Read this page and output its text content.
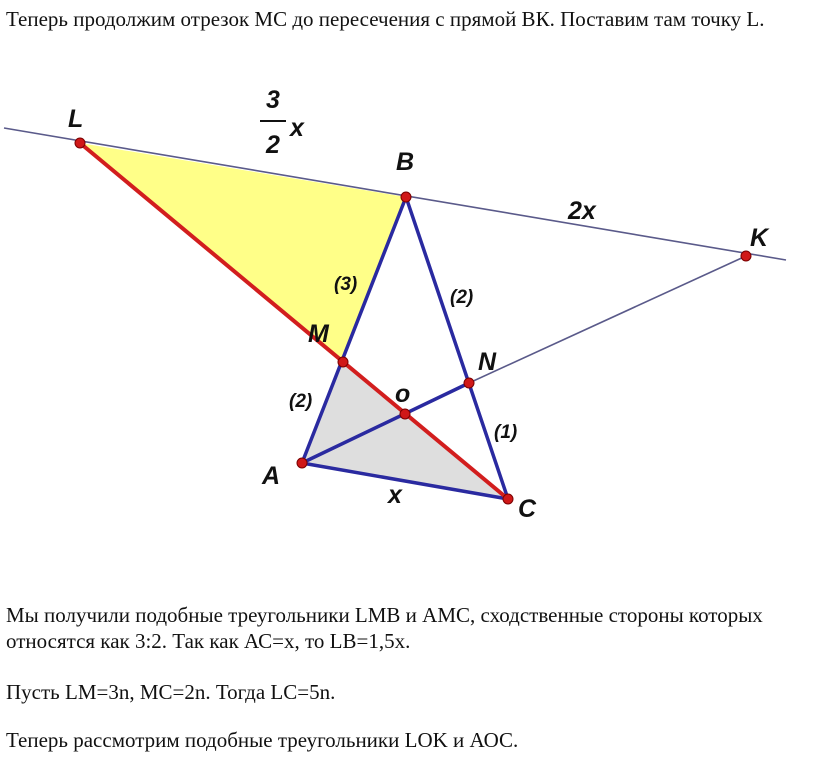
Теперь продолжим отрезок МС до пересечения с прямой ВК. Поставим там точку L.

L
B
K
M
N
o
A
C
3
2
x
2x
x
(3)
(2)
(2)
(1)

Мы получили подобные треугольники LMB и АМС, сходственные стороны которых относятся как 3:2. Так как АС=х, то LB=1,5х.

Пусть LM=3n, MC=2n. Тогда LC=5n.

Теперь рассмотрим подобные треугольники LOK и АОС.
